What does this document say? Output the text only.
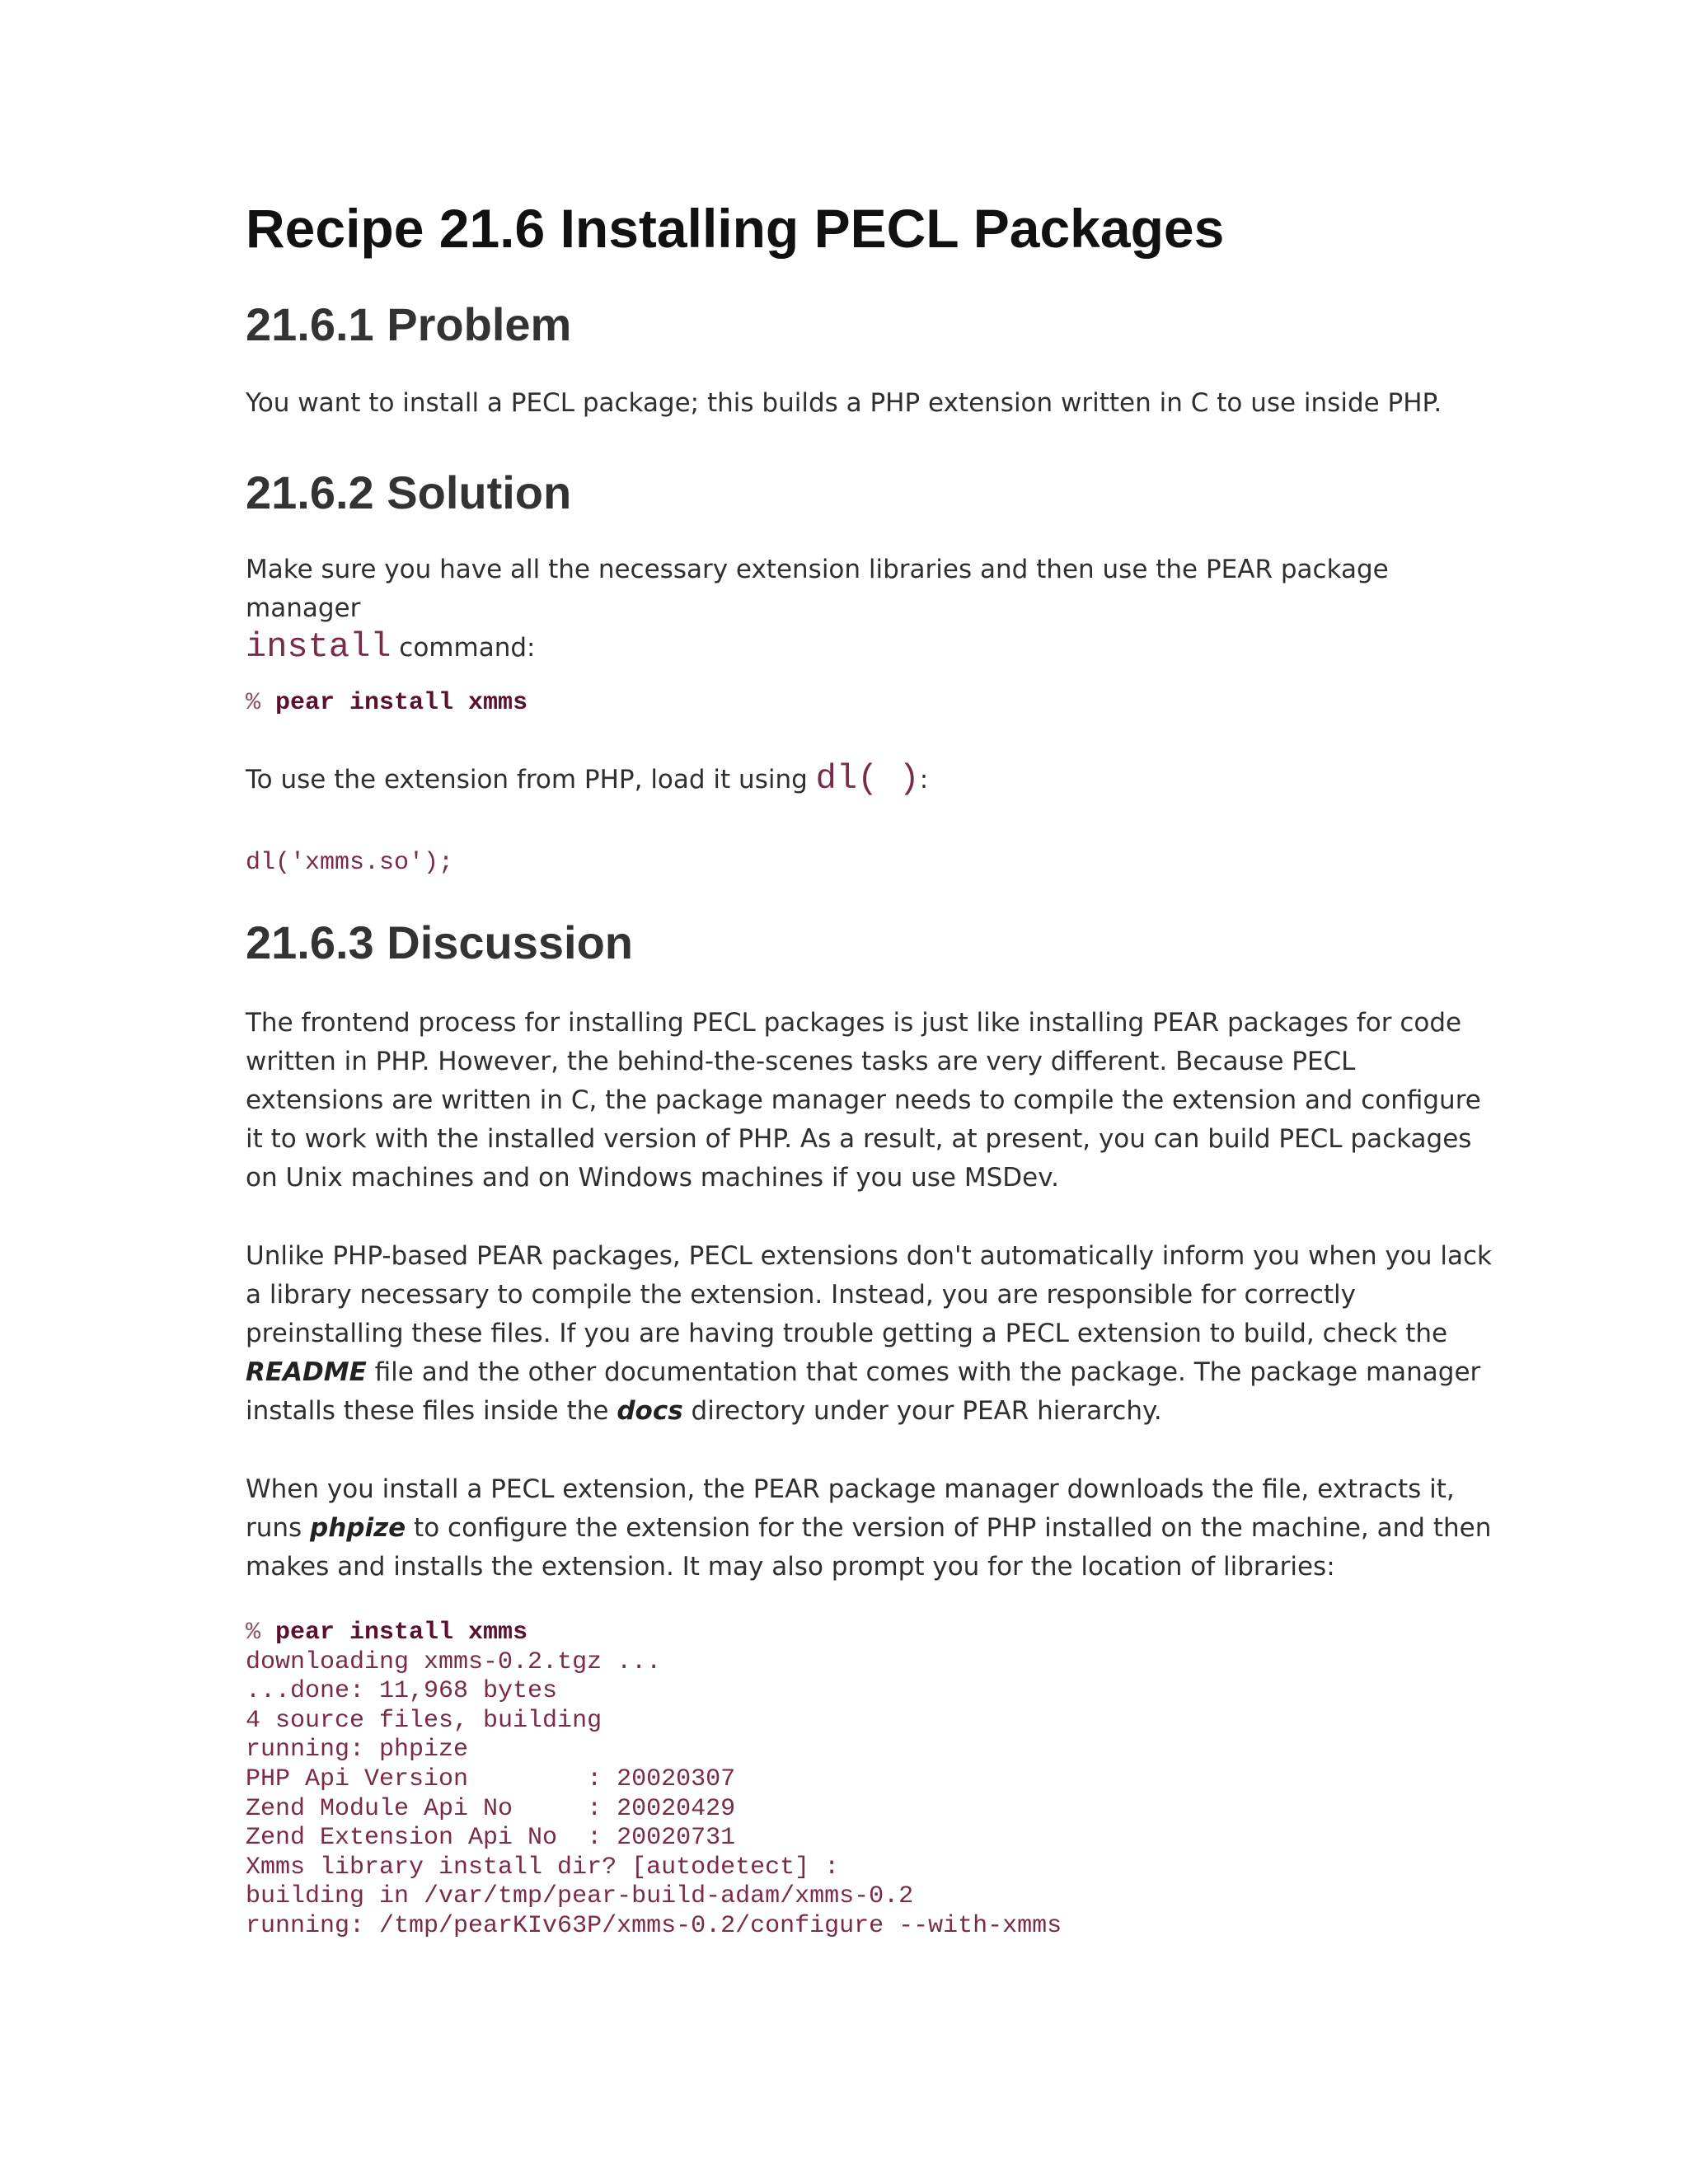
Recipe 21.6 Installing PECL Packages
21.6.1 Problem

You want to install a PECL package; this builds a PHP extension written in C to use inside PHP.

21.6.2 Solution

Make sure you have all the necessary extension libraries and then use the PEAR package manager
install command:

% pear install xmms

To use the extension from PHP, load it using dl( ):

dl('xmms.so');
21.6.3 Discussion

The frontend process for installing PECL packages is just like installing PEAR packages for code written in PHP. However, the behind-the-scenes tasks are very different. Because PECL extensions are written in C, the package manager needs to compile the extension and configure it to work with the installed version of PHP. As a result, at present, you can build PECL packages on Unix machines and on Windows machines if you use MSDev.

Unlike PHP-based PEAR packages, PECL extensions don't automatically inform you when you lack a library necessary to compile the extension. Instead, you are responsible for correctly preinstalling these files. If you are having trouble getting a PECL extension to build, check the README file and the other documentation that comes with the package. The package manager installs these files inside the docs directory under your PEAR hierarchy.

When you install a PECL extension, the PEAR package manager downloads the file, extracts it, runs phpize to configure the extension for the version of PHP installed on the machine, and then makes and installs the extension. It may also prompt you for the location of libraries:

% pear install xmms
downloading xmms-0.2.tgz ...
...done: 11,968 bytes
4 source files, building
running: phpize
PHP Api Version        : 20020307
Zend Module Api No     : 20020429
Zend Extension Api No  : 20020731
Xmms library install dir? [autodetect] :
building in /var/tmp/pear-build-adam/xmms-0.2
running: /tmp/pearKIv63P/xmms-0.2/configure --with-xmms
